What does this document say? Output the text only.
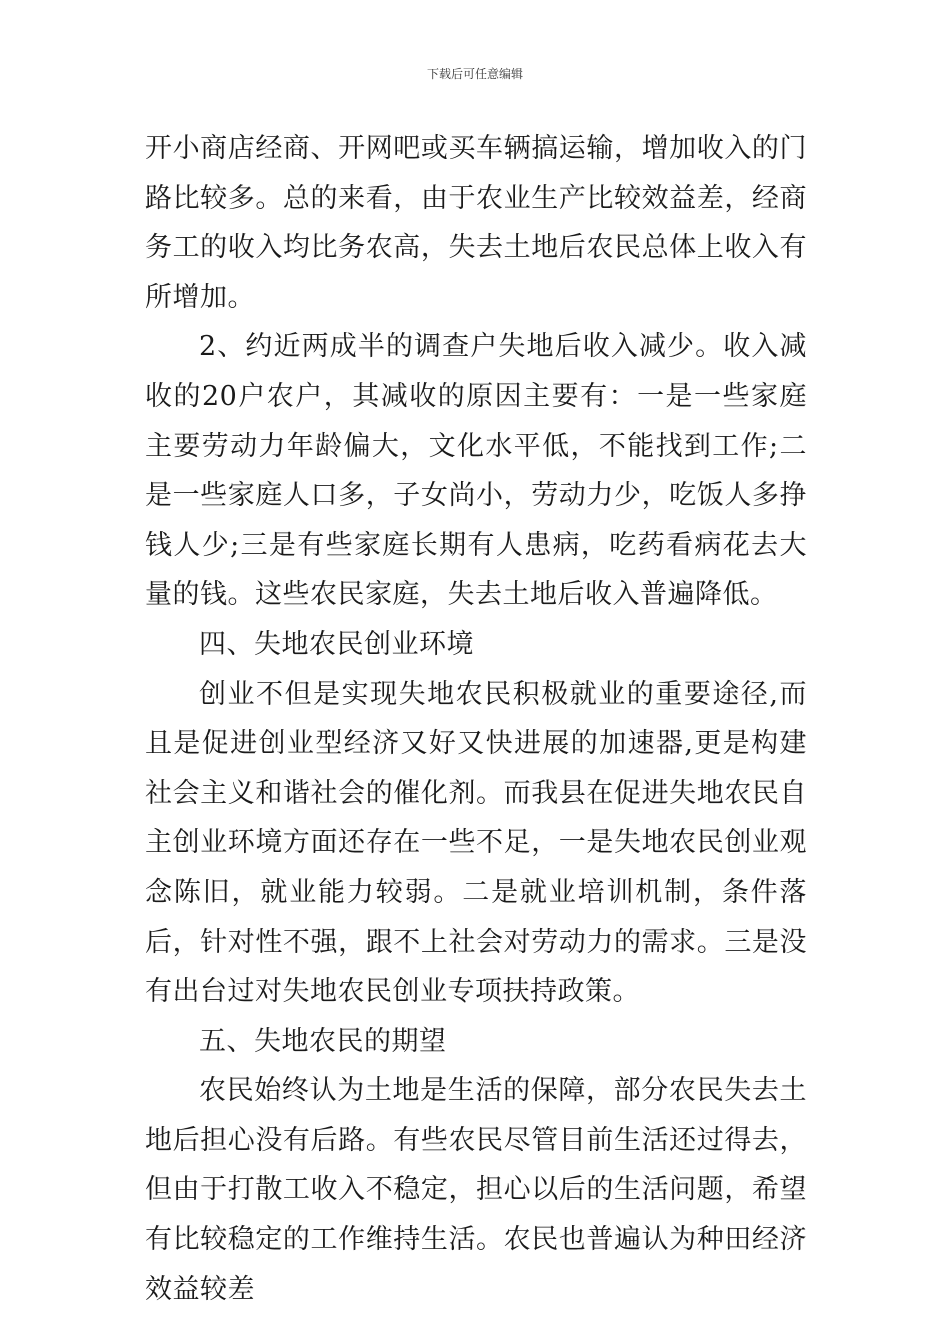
下载后可任意编辑

开小商店经商、开网吧或买车辆搞运输，增加收入的门路比较多。总的来看，由于农业生产比较效益差，经商务工的收入均比务农高，失去土地后农民总体上收入有所增加。

2、约近两成半的调查户失地后收入减少。收入减收的20户农户，其减收的原因主要有：一是一些家庭主要劳动力年龄偏大，文化水平低，不能找到工作;二是一些家庭人口多，子女尚小，劳动力少，吃饭人多挣钱人少;三是有些家庭长期有人患病，吃药看病花去大量的钱。这些农民家庭，失去土地后收入普遍降低。

四、失地农民创业环境

创业不但是实现失地农民积极就业的重要途径,而且是促进创业型经济又好又快进展的加速器,更是构建社会主义和谐社会的催化剂。而我县在促进失地农民自主创业环境方面还存在一些不足，一是失地农民创业观念陈旧，就业能力较弱。二是就业培训机制，条件落后，针对性不强，跟不上社会对劳动力的需求。三是没有出台过对失地农民创业专项扶持政策。

五、失地农民的期望

农民始终认为土地是生活的保障，部分农民失去土地后担心没有后路。有些农民尽管目前生活还过得去，但由于打散工收入不稳定，担心以后的生活问题，希望有比较稳定的工作维持生活。农民也普遍认为种田经济效益较差
